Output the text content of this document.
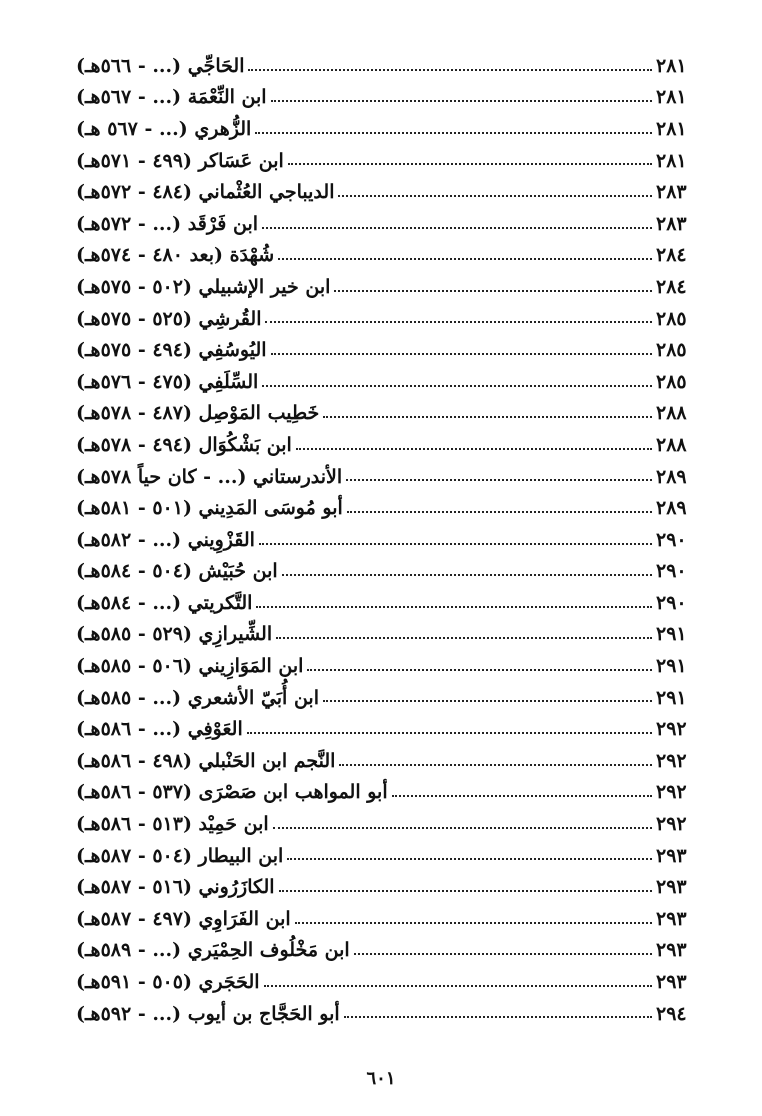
الحَاجِّي (... - ٥٦٦هـ)	٢٨١
ابن النِّعْمَة (... - ٥٦٧هـ)	٢٨١
الزُّهري (... - ٥٦٧ هـ)	٢٨١
ابن عَسَاكر (٤٩٩ - ٥٧١هـ)	٢٨١
الديباجي العُثْماني (٤٨٤ - ٥٧٢هـ)	٢٨٣
ابن فَرْقَد (... - ٥٧٢هـ)	٢٨٣
شُهْدَة (بعد ٤٨٠ - ٥٧٤هـ)	٢٨٤
ابن خير الإشبيلي (٥٠٢ - ٥٧٥هـ)	٢٨٤
القُرشِي (٥٢٥ - ٥٧٥هـ)	٢٨٥
اليُوسُفِي (٤٩٤ - ٥٧٥هـ)	٢٨٥
السِّلَفِي (٤٧٥ - ٥٧٦هـ)	٢٨٥
خَطِيب المَوْصِل (٤٨٧ - ٥٧٨هـ)	٢٨٨
ابن بَشْكُوَال (٤٩٤ - ٥٧٨هـ)	٢٨٨
الأندرستاني (... - كان حياً ٥٧٨هـ)	٢٨٩
أبو مُوسَى المَدِيني (٥٠١ - ٥٨١هـ)	٢٨٩
القَزْوِيني (... - ٥٨٢هـ)	٢٩٠
ابن حُبَيْش (٥٠٤ - ٥٨٤هـ)	٢٩٠
التَّكريتي (... - ٥٨٤هـ)	٢٩٠
الشِّيرازِي (٥٢٩ - ٥٨٥هـ)	٢٩١
ابن المَوَازِيني (٥٠٦ - ٥٨٥هـ)	٢٩١
ابن أُبَيّ الأشعري (... - ٥٨٥هـ)	٢٩١
العَوْفِي (... - ٥٨٦هـ)	٢٩٢
النَّجم ابن الحَنْبلي (٤٩٨ - ٥٨٦هـ)	٢٩٢
أبو المواهب ابن صَصْرَى (٥٣٧ - ٥٨٦هـ)	٢٩٢
ابن حَمِيْد (٥١٣ - ٥٨٦هـ)	٢٩٢
ابن البيطار (٥٠٤ - ٥٨٧هـ)	٢٩٣
الكازَرُوني (٥١٦ - ٥٨٧هـ)	٢٩٣
ابن الفَرَاوِي (٤٩٧ - ٥٨٧هـ)	٢٩٣
ابن مَخْلُوف الحِمْيَري (... - ٥٨٩هـ)	٢٩٣
الحَجَري (٥٠٥ - ٥٩١هـ)	٢٩٣
أبو الحَجَّاج بن أيوب (... - ٥٩٢هـ)	٢٩٤
٦٠١
